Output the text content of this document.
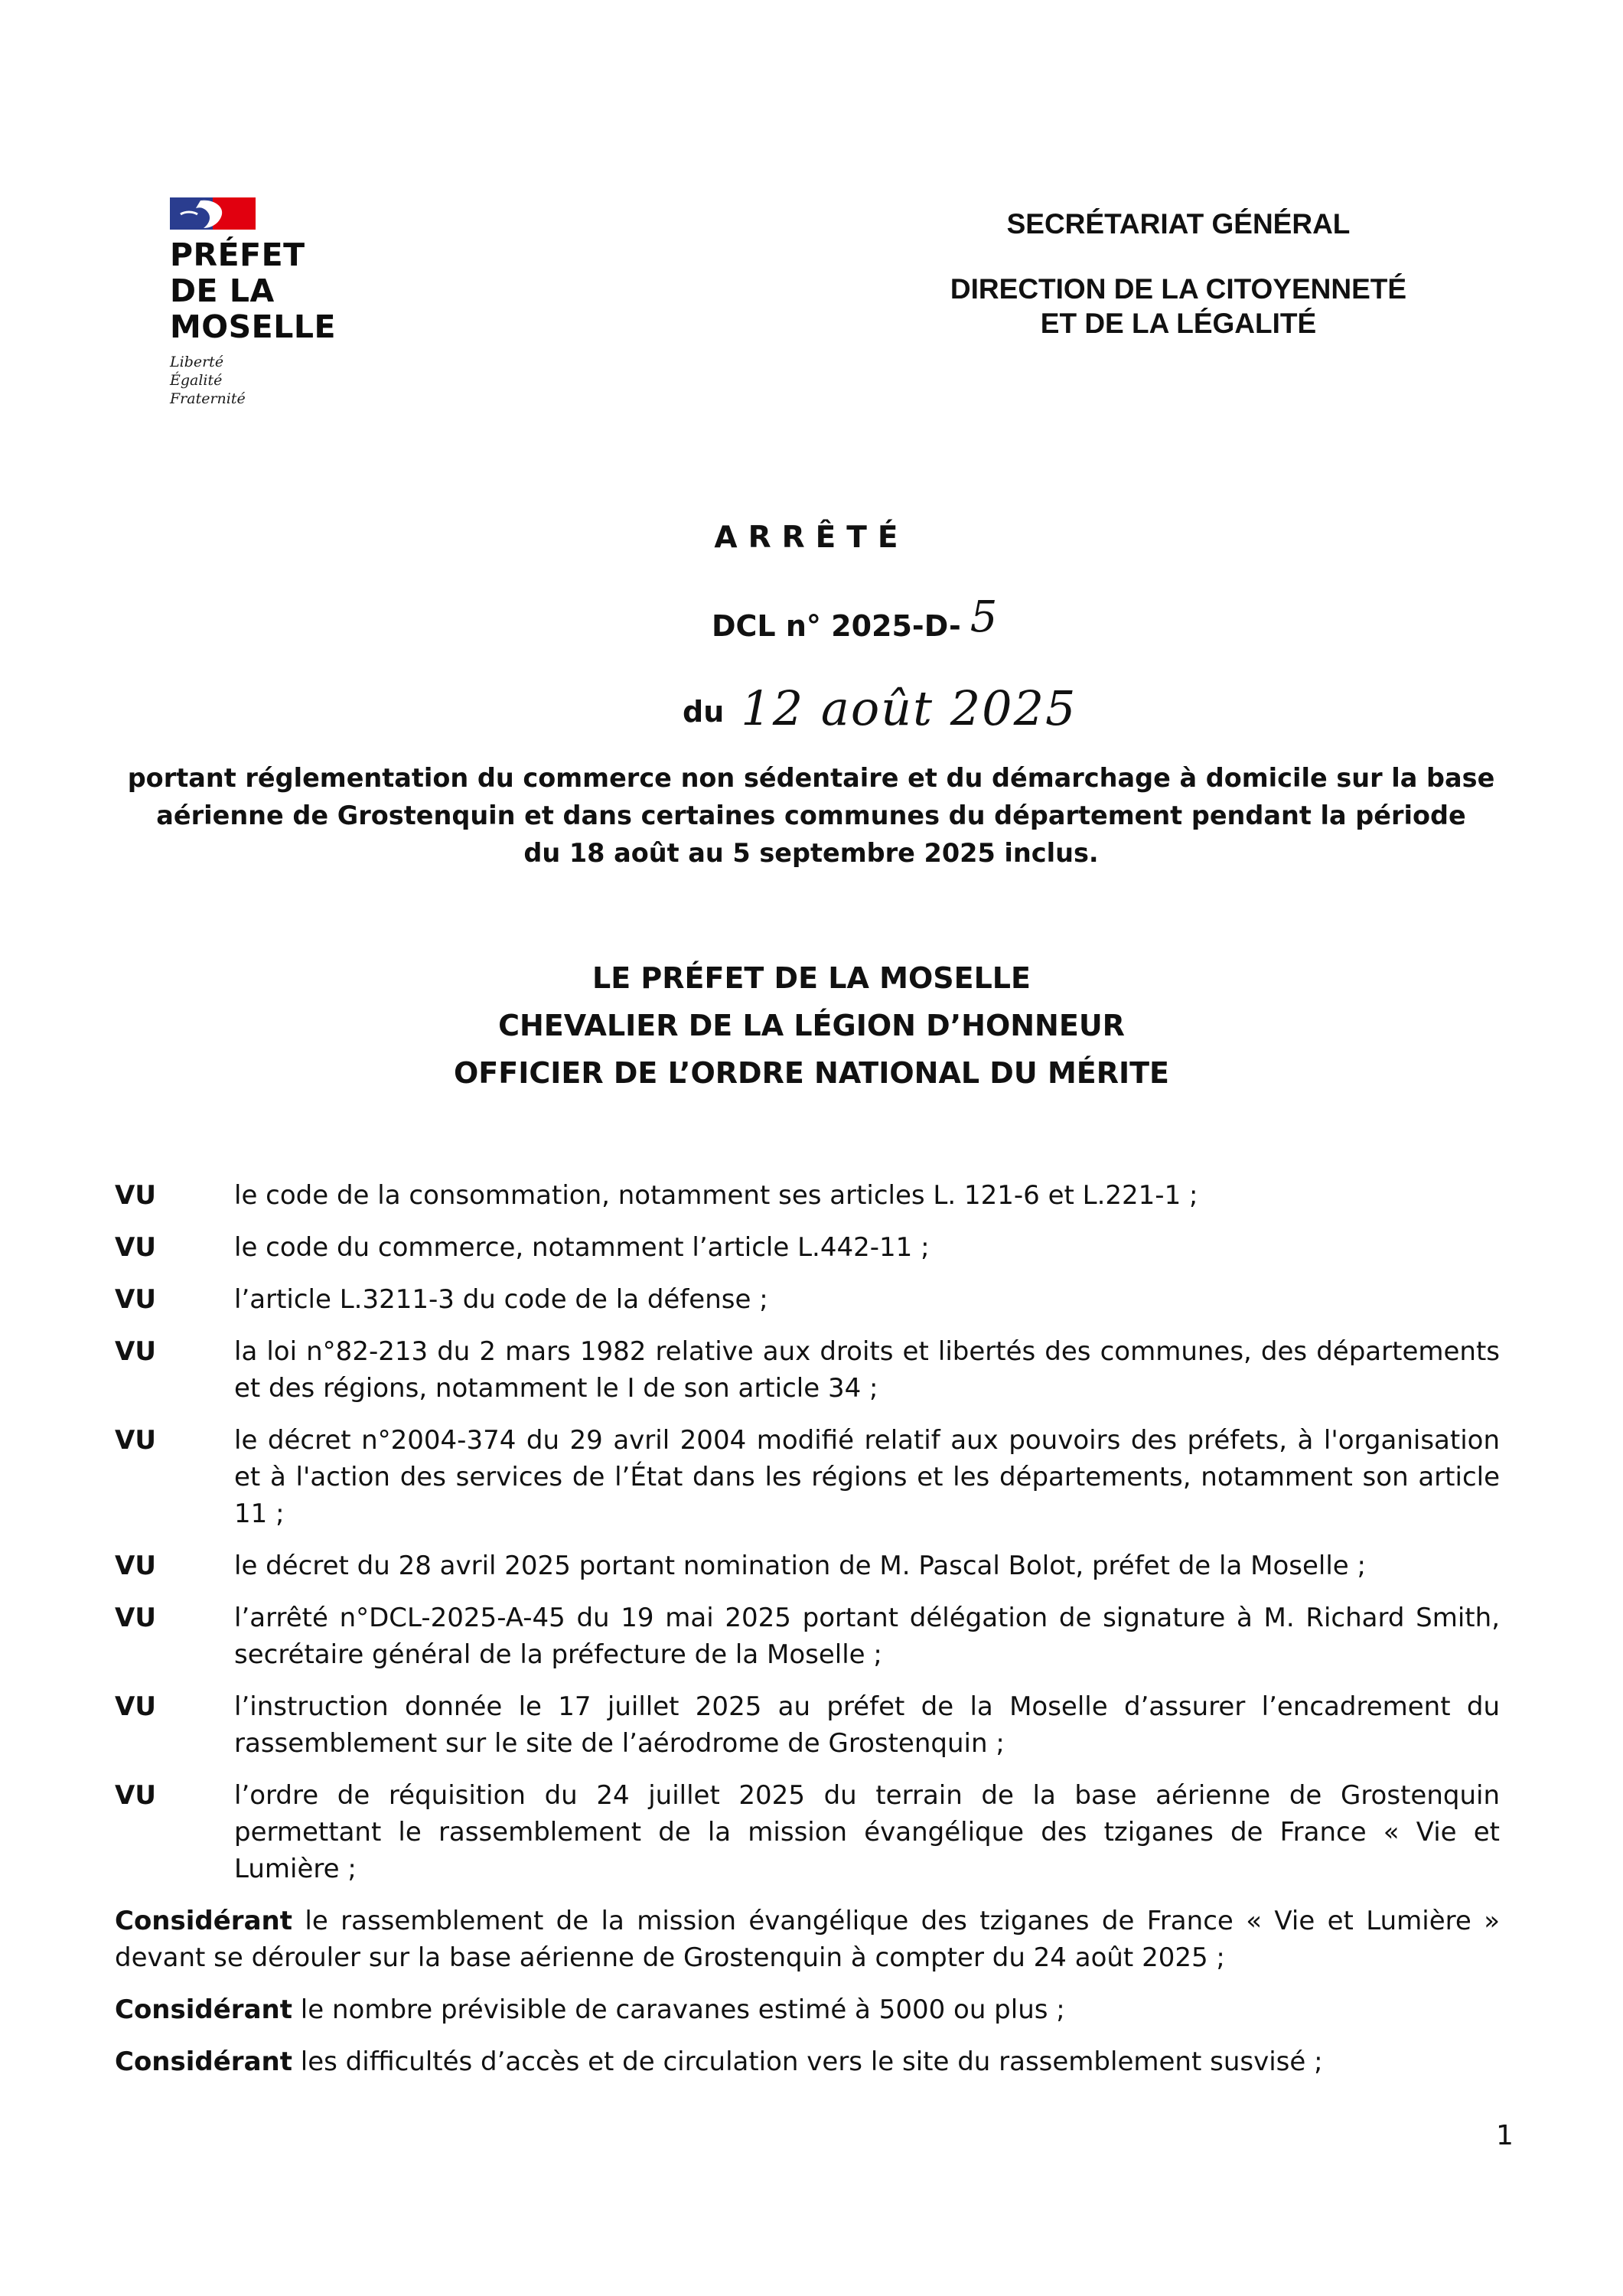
PRÉFET
DE LA MOSELLE
Liberté
Égalité
Fraternité
SECRÉTARIAT GÉNÉRAL
DIRECTION DE LA CITOYENNETÉ
ET DE LA LÉGALITÉ
ARRÊTÉ
DCL n° 2025-D- 5
du 12 août 2025
portant réglementation du commerce non sédentaire et du démarchage à domicile sur la base
aérienne de Grostenquin et dans certaines communes du département pendant la période
du 18 août au 5 septembre 2025 inclus.
LE PRÉFET DE LA MOSELLE
CHEVALIER DE LA LÉGION D’HONNEUR
OFFICIER DE L’ORDRE NATIONAL DU MÉRITE
VU	le code de la consommation, notamment ses articles L. 121-6 et L.221-1 ;
VU	le code du commerce, notamment l’article L.442-11 ;
VU	l’article L.3211-3 du code de la défense ;
VU	la loi n°82-213 du 2 mars 1982 relative aux droits et libertés des communes, des départements et des régions, notamment le I de son article 34 ;
VU	le décret n°2004-374 du 29 avril 2004 modifié relatif aux pouvoirs des préfets, à l'organisation et à l'action des services de l’État dans les régions et les départements, notamment son article 11 ;
VU	le décret du 28 avril 2025 portant nomination de M. Pascal Bolot, préfet de la Moselle ;
VU	l’arrêté n°DCL-2025-A-45 du 19 mai 2025 portant délégation de signature à M. Richard Smith, secrétaire général de la préfecture de la Moselle ;
VU	l’instruction donnée le 17 juillet 2025 au préfet de la Moselle d’assurer l’encadrement du rassemblement sur le site de l’aérodrome de Grostenquin ;
VU	l’ordre de réquisition du 24 juillet 2025 du terrain de la base aérienne de Grostenquin permettant le rassemblement de la mission évangélique des tziganes de France « Vie et Lumière ;
Considérant le rassemblement de la mission évangélique des tziganes de France « Vie et Lumière » devant se dérouler sur la base aérienne de Grostenquin à compter du 24 août 2025 ;
Considérant le nombre prévisible de caravanes estimé à 5000 ou plus ;
Considérant les difficultés d’accès et de circulation vers le site du rassemblement susvisé ;
1
